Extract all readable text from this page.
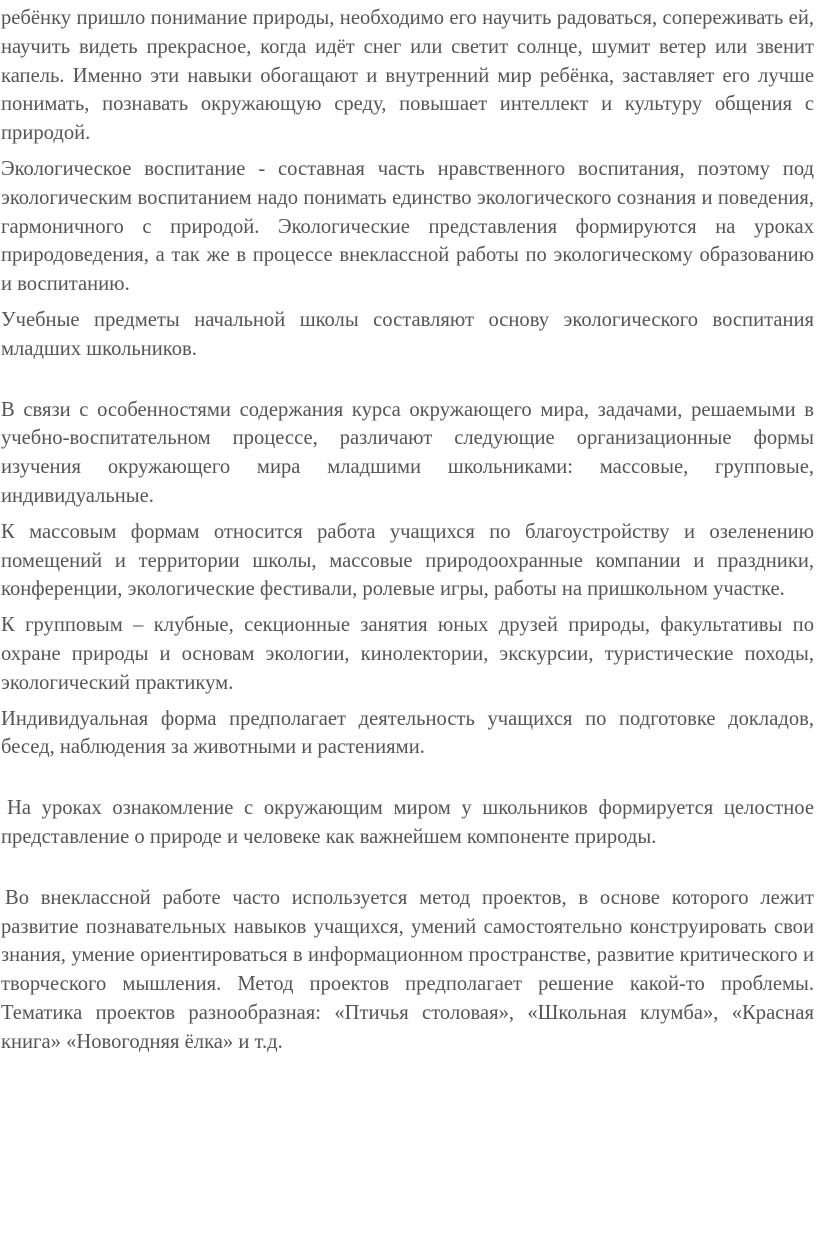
ребёнку пришло понимание природы, необходимо его научить радоваться, сопереживать ей, научить видеть прекрасное, когда идёт снег или светит солнце, шумит ветер или звенит капель. Именно эти навыки обогащают и внутренний мир ребёнка, заставляет его лучше понимать, познавать окружающую среду, повышает интеллект и культуру общения с природой.

Экологическое воспитание - составная часть нравственного воспитания, поэтому под экологическим воспитанием надо понимать единство экологического сознания и поведения, гармоничного с природой. Экологические представления формируются на уроках природоведения, а так же в процессе внеклассной работы по экологическому образованию и воспитанию.

Учебные предметы начальной школы составляют основу экологического воспитания младших школьников.

В связи с особенностями содержания курса окружающего мира, задачами, решаемыми в учебно-воспитательном процессе, различают следующие организационные формы изучения окружающего мира младшими школьниками: массовые, групповые, индивидуальные.

К массовым формам относится работа учащихся по благоустройству и озеленению помещений и территории школы, массовые природоохранные компании и праздники, конференции, экологические фестивали, ролевые игры, работы на пришкольном участке.

К групповым – клубные, секционные занятия юных друзей природы, факультативы по охране природы и основам экологии, кинолектории, экскурсии, туристические походы, экологический практикум.

Индивидуальная форма предполагает деятельность учащихся по подготовке докладов, бесед, наблюдения за животными и растениями.

На уроках ознакомление с окружающим миром у школьников формируется целостное представление о природе и человеке как важнейшем компоненте природы.

Во внеклассной работе часто используется метод проектов, в основе которого лежит развитие познавательных навыков учащихся, умений самостоятельно конструировать свои знания, умение ориентироваться в информационном пространстве, развитие критического и творческого мышления. Метод проектов предполагает решение какой-то проблемы. Тематика проектов разнообразная: «Птичья столовая», «Школьная клумба», «Красная книга» «Новогодняя ёлка» и т.д.
